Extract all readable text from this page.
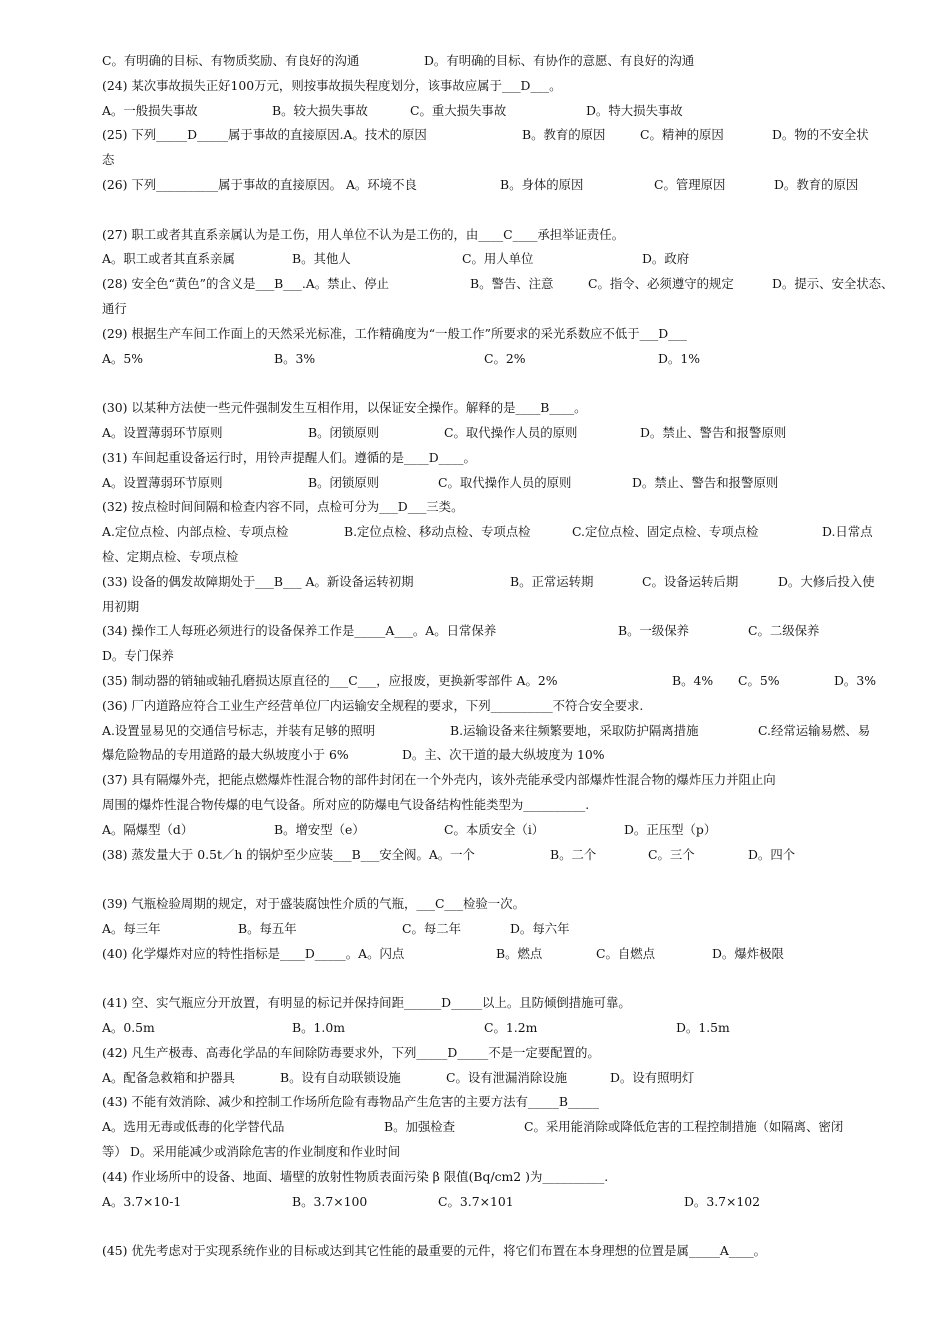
C。有明确的目标、有物质奖励、有良好的沟通	D。有明确的目标、有协作的意愿、有良好的沟通
(24) 某次事故损失正好100万元，则按事故损失程度划分，该事故应属于___D___。
A。一般损失事故	B。较大损失事故	C。重大损失事故	D。特大损失事故
(25) 下列_____D_____属于事故的直接原因.A。技术的原因	B。教育的原因	C。精神的原因	D。物的不安全状
态
(26) 下列__________属于事故的直接原因。 A。环境不良	B。身体的原因	C。管理原因	D。教育的原因
(27) 职工或者其直系亲属认为是工伤，用人单位不认为是工伤的，由____C____承担举证责任。
A。职工或者其直系亲属	B。其他人	C。用人单位	D。政府
(28) 安全色“黄色”的含义是___B___.A。禁止、停止	B。警告、注意	C。指令、必须遵守的规定	D。提示、安全状态、
通行
(29) 根据生产车间工作面上的天然采光标准，工作精确度为“一般工作”所要求的采光系数应不低于___D___
A。5%	B。3%	C。2%	D。1%
(30) 以某种方法使一些元件强制发生互相作用，以保证安全操作。解释的是____B____。
A。设置薄弱环节原则	B。闭锁原则	C。取代操作人员的原则	D。禁止、警告和报警原则
(31) 车间起重设备运行时，用铃声提醒人们。遵循的是____D____。
A。设置薄弱环节原则	B。闭锁原则	C。取代操作人员的原则	D。禁止、警告和报警原则
(32) 按点检时间间隔和检查内容不同，点检可分为___D___三类。
A.定位点检、内部点检、专项点检	B.定位点检、移动点检、专项点检	C.定位点检、固定点检、专项点检	D.日常点
检、定期点检、专项点检
(33) 设备的偶发故障期处于___B___ A。新设备运转初期	B。正常运转期	C。设备运转后期	D。大修后投入使
用初期
(34) 操作工人每班必须进行的设备保养工作是_____A___。A。日常保养	B。一级保养	C。二级保养
D。专门保养
(35) 制动器的销轴或轴孔磨损达原直径的___C___，应报废，更换新零部件 A。2%	B。4% C。5%	D。3%
(36) 厂内道路应符合工业生产经营单位厂内运输安全规程的要求，下列__________不符合安全要求.
A.设置显易见的交通信号标志，并装有足够的照明	B.运输设备来往频繁要地，采取防护隔离措施	C.经常运输易燃、易
爆危险物品的专用道路的最大纵坡度小于 6%	D。主、次干道的最大纵坡度为 10%
(37) 具有隔爆外壳，把能点燃爆炸性混合物的部件封闭在一个外壳内，该外壳能承受内部爆炸性混合物的爆炸压力并阻止向
周围的爆炸性混合物传爆的电气设备。所对应的防爆电气设备结构性能类型为__________.
A。隔爆型（d）	B。增安型（e）	C。本质安全（i）	D。正压型（p）
(38) 蒸发量大于 0.5t／h 的锅炉至少应装___B___安全阀。A。一个	B。二个	C。三个	D。四个
(39) 气瓶检验周期的规定，对于盛装腐蚀性介质的气瓶，___C___检验一次。
A。每三年	B。每五年	C。每二年	D。每六年
(40) 化学爆炸对应的特性指标是____D_____。A。闪点	B。燃点	C。自燃点	D。爆炸极限
(41) 空、实气瓶应分开放置，有明显的标记并保持间距______D_____以上。且防倾倒措施可靠。
A。0.5m	B。1.0m	C。1.2m	D。1.5m
(42) 凡生产极毒、高毒化学品的车间除防毒要求外，下列_____D_____不是一定要配置的。
A。配备急救箱和护器具	B。设有自动联锁设施	C。设有泄漏消除设施	D。设有照明灯
(43) 不能有效消除、减少和控制工作场所危险有毒物品产生危害的主要方法有_____B_____
A。选用无毒或低毒的化学替代品	B。加强检查	C。采用能消除或降低危害的工程控制措施（如隔离、密闭
等） D。采用能减少或消除危害的作业制度和作业时间
(44) 作业场所中的设备、地面、墙壁的放射性物质表面污染 β 限值(Bq/cm2 )为__________.
A。3.7×10-1	B。3.7×100	C。3.7×101	D。3.7×102
(45) 优先考虑对于实现系统作业的目标或达到其它性能的最重要的元件，将它们布置在本身理想的位置是属_____A____。
